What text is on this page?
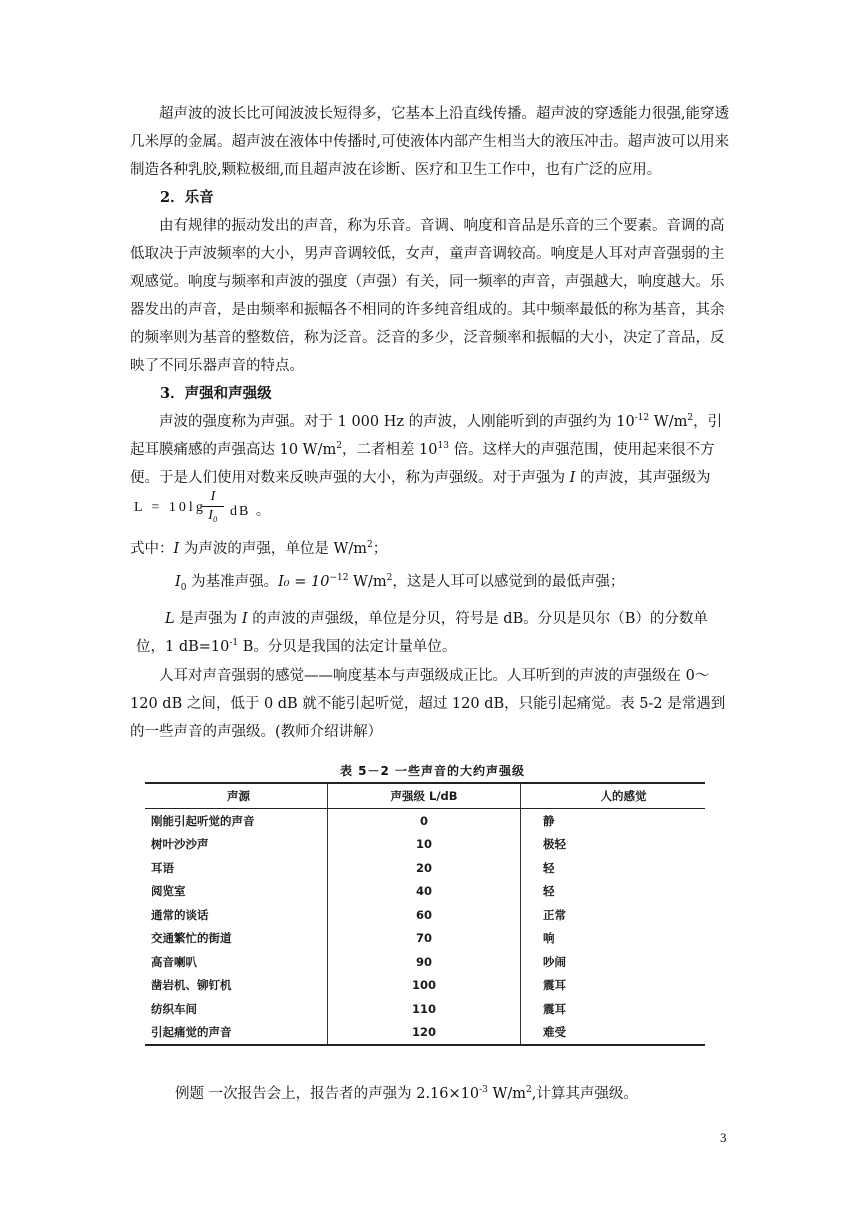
超声波的波长比可闻波波长短得多，它基本上沿直线传播。超声波的穿透能力很强,能穿透几米厚的金属。超声波在液体中传播时,可使液体内部产生相当大的液压冲击。超声波可以用来制造各种乳胶,颗粒极细,而且超声波在诊断、医疗和卫生工作中，也有广泛的应用。

2．乐音

由有规律的振动发出的声音，称为乐音。音调、响度和音品是乐音的三个要素。音调的高低取决于声波频率的大小，男声音调较低，女声，童声音调较高。响度是人耳对声音强弱的主观感觉。响度与频率和声波的强度（声强）有关，同一频率的声音，声强越大，响度越大。乐器发出的声音，是由频率和振幅各不相同的许多纯音组成的。其中频率最低的称为基音，其余的频率则为基音的整数倍，称为泛音。泛音的多少，泛音频率和振幅的大小，决定了音品，反映了不同乐器声音的特点。

3．声强和声强级

声波的强度称为声强。对于 1 000 Hz 的声波，人刚能听到的声强约为 $10^{-12}$ $W/m^2$，引起耳膜痛感的声强高达 10 $W/m^2$，二者相差 $10^{13}$ 倍。这样大的声强范围，使用起来很不方便。于是人们使用对数来反映声强的大小，称为声强级。对于声强为 I 的声波，其声强级为

L = 10lg
I
I₀ dB 。

式中：I 为声波的声强，单位是 $W/m^2$；

$I_0$ 为基准声强。$I_0 = 10^{-12}$ $W/m^2$，这是人耳可以感觉到的最低声强；

L 是声强为 I 的声波的声强级，单位是分贝，符号是 dB。分贝是贝尔（B）的分数单位，1 $dB=10^{-1}$ B。分贝是我国的法定计量单位。

人耳对声音强弱的感觉——响度基本与声强级成正比。人耳听到的声波的声强级在 0～120 dB 之间，低于 0 dB 就不能引起听觉，超过 120 dB，只能引起痛觉。表 5-2 是常遇到的一些声音的声强级。(教师介绍讲解）

表 5－2 一些声音的大约声强级
声源	声强级 L/dB	人的感觉
刚能引起听觉的声音	0	静
树叶沙沙声	10	极轻
耳语	20	轻
阅览室	40	轻
通常的谈话	60	正常
交通繁忙的街道	70	响
高音喇叭	90	吵闹
凿岩机、铆钉机	100	震耳
纺织车间	110	震耳
引起痛觉的声音	120	难受

例题 一次报告会上，报告者的声强为 $2.16\times 10^{-3}$ $W/m^2$,计算其声强级。

3
